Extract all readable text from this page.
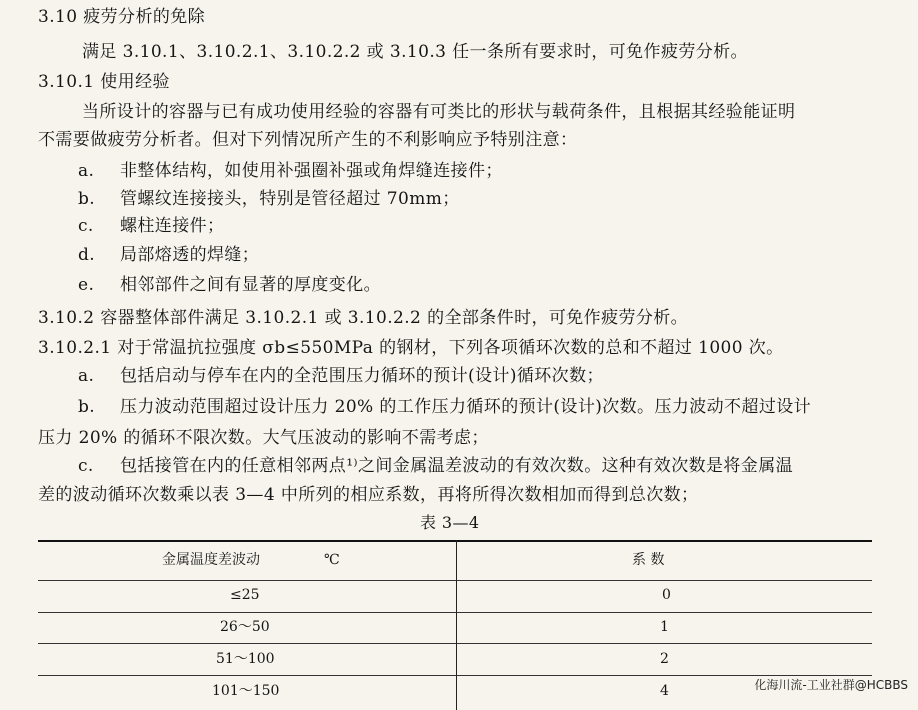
3.10 疲劳分析的免除
满足 3.10.1、3.10.2.1、3.10.2.2 或 3.10.3 任一条所有要求时，可免作疲劳分析。
3.10.1 使用经验
当所设计的容器与已有成功使用经验的容器有可类比的形状与载荷条件，且根据其经验能证明
不需要做疲劳分析者。但对下列情况所产生的不利影响应予特别注意：
a. 非整体结构，如使用补强圈补强或角焊缝连接件；
b. 管螺纹连接接头，特别是管径超过 70mm；
c. 螺柱连接件；
d. 局部熔透的焊缝；
e. 相邻部件之间有显著的厚度变化。
3.10.2 容器整体部件满足 3.10.2.1 或 3.10.2.2 的全部条件时，可免作疲劳分析。
3.10.2.1 对于常温抗拉强度 σb≤550MPa 的钢材，下列各项循环次数的总和不超过 1000 次。
a. 包括启动与停车在内的全范围压力循环的预计(设计)循环次数；
b. 压力波动范围超过设计压力 20% 的工作压力循环的预计(设计)次数。压力波动不超过设计
压力 20% 的循环不限次数。大气压波动的影响不需考虑；
c. 包括接管在内的任意相邻两点¹⁾之间金属温差波动的有效次数。这种有效次数是将金属温
差的波动循环次数乘以表 3—4 中所列的相应系数，再将所得次数相加而得到总次数；
表 3—4
金属温度差波动	℃	系 数
≤25	0
26～50	1
51～100	2
101～150	4	化海川流-工业社群@HCBBS
